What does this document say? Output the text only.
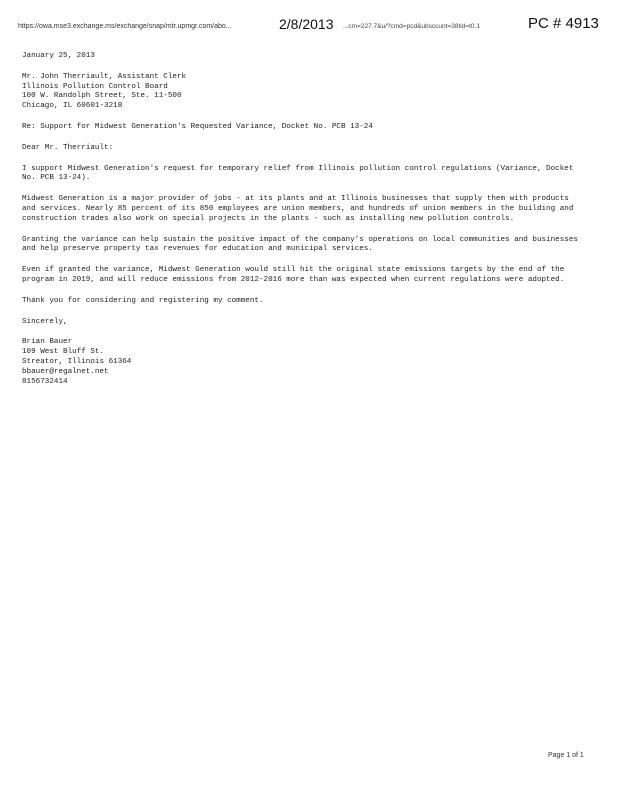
https://owa.mse3.exchange.ms/exchange/snap/mtr.upmgr.com/abo...	2/8/2013 ...cm=227.7&u/?cmd=pcd&ubsccunt=38tid=t0.1	PC # 4913
January 25, 2013
Mr. John Therriault, Assistant Clerk
Illinois Pollution Control Board
100 W. Randolph Street, Ste. 11-500
Chicago, IL 60601-3218
Re: Support for Midwest Generation's Requested Variance, Docket No. PCB 13-24
Dear Mr. Therriault:

I support Midwest Generation's request for temporary relief from Illinois pollution control regulations (Variance, Docket No. PCB 13-24).

Midwest Generation is a major provider of jobs - at its plants and at Illinois businesses that supply them with products and services. Nearly 85 percent of its 850 employees are union members, and hundreds of union members in the building and construction trades also work on special projects in the plants - such as installing new pollution controls.

Granting the variance can help sustain the positive impact of the company's operations on local communities and businesses and help preserve property tax revenues for education and municipal services.

Even if granted the variance, Midwest Generation would still hit the original state emissions targets by the end of the program in 2019, and will reduce emissions from 2012-2016 more than was expected when current regulations were adopted.

Thank you for considering and registering my comment.

Sincerely,
Brian Bauer
109 West Bluff St.
Streator, Illinois 61364
bbauer@regalnet.net
8156732414
Page 1 of 1
